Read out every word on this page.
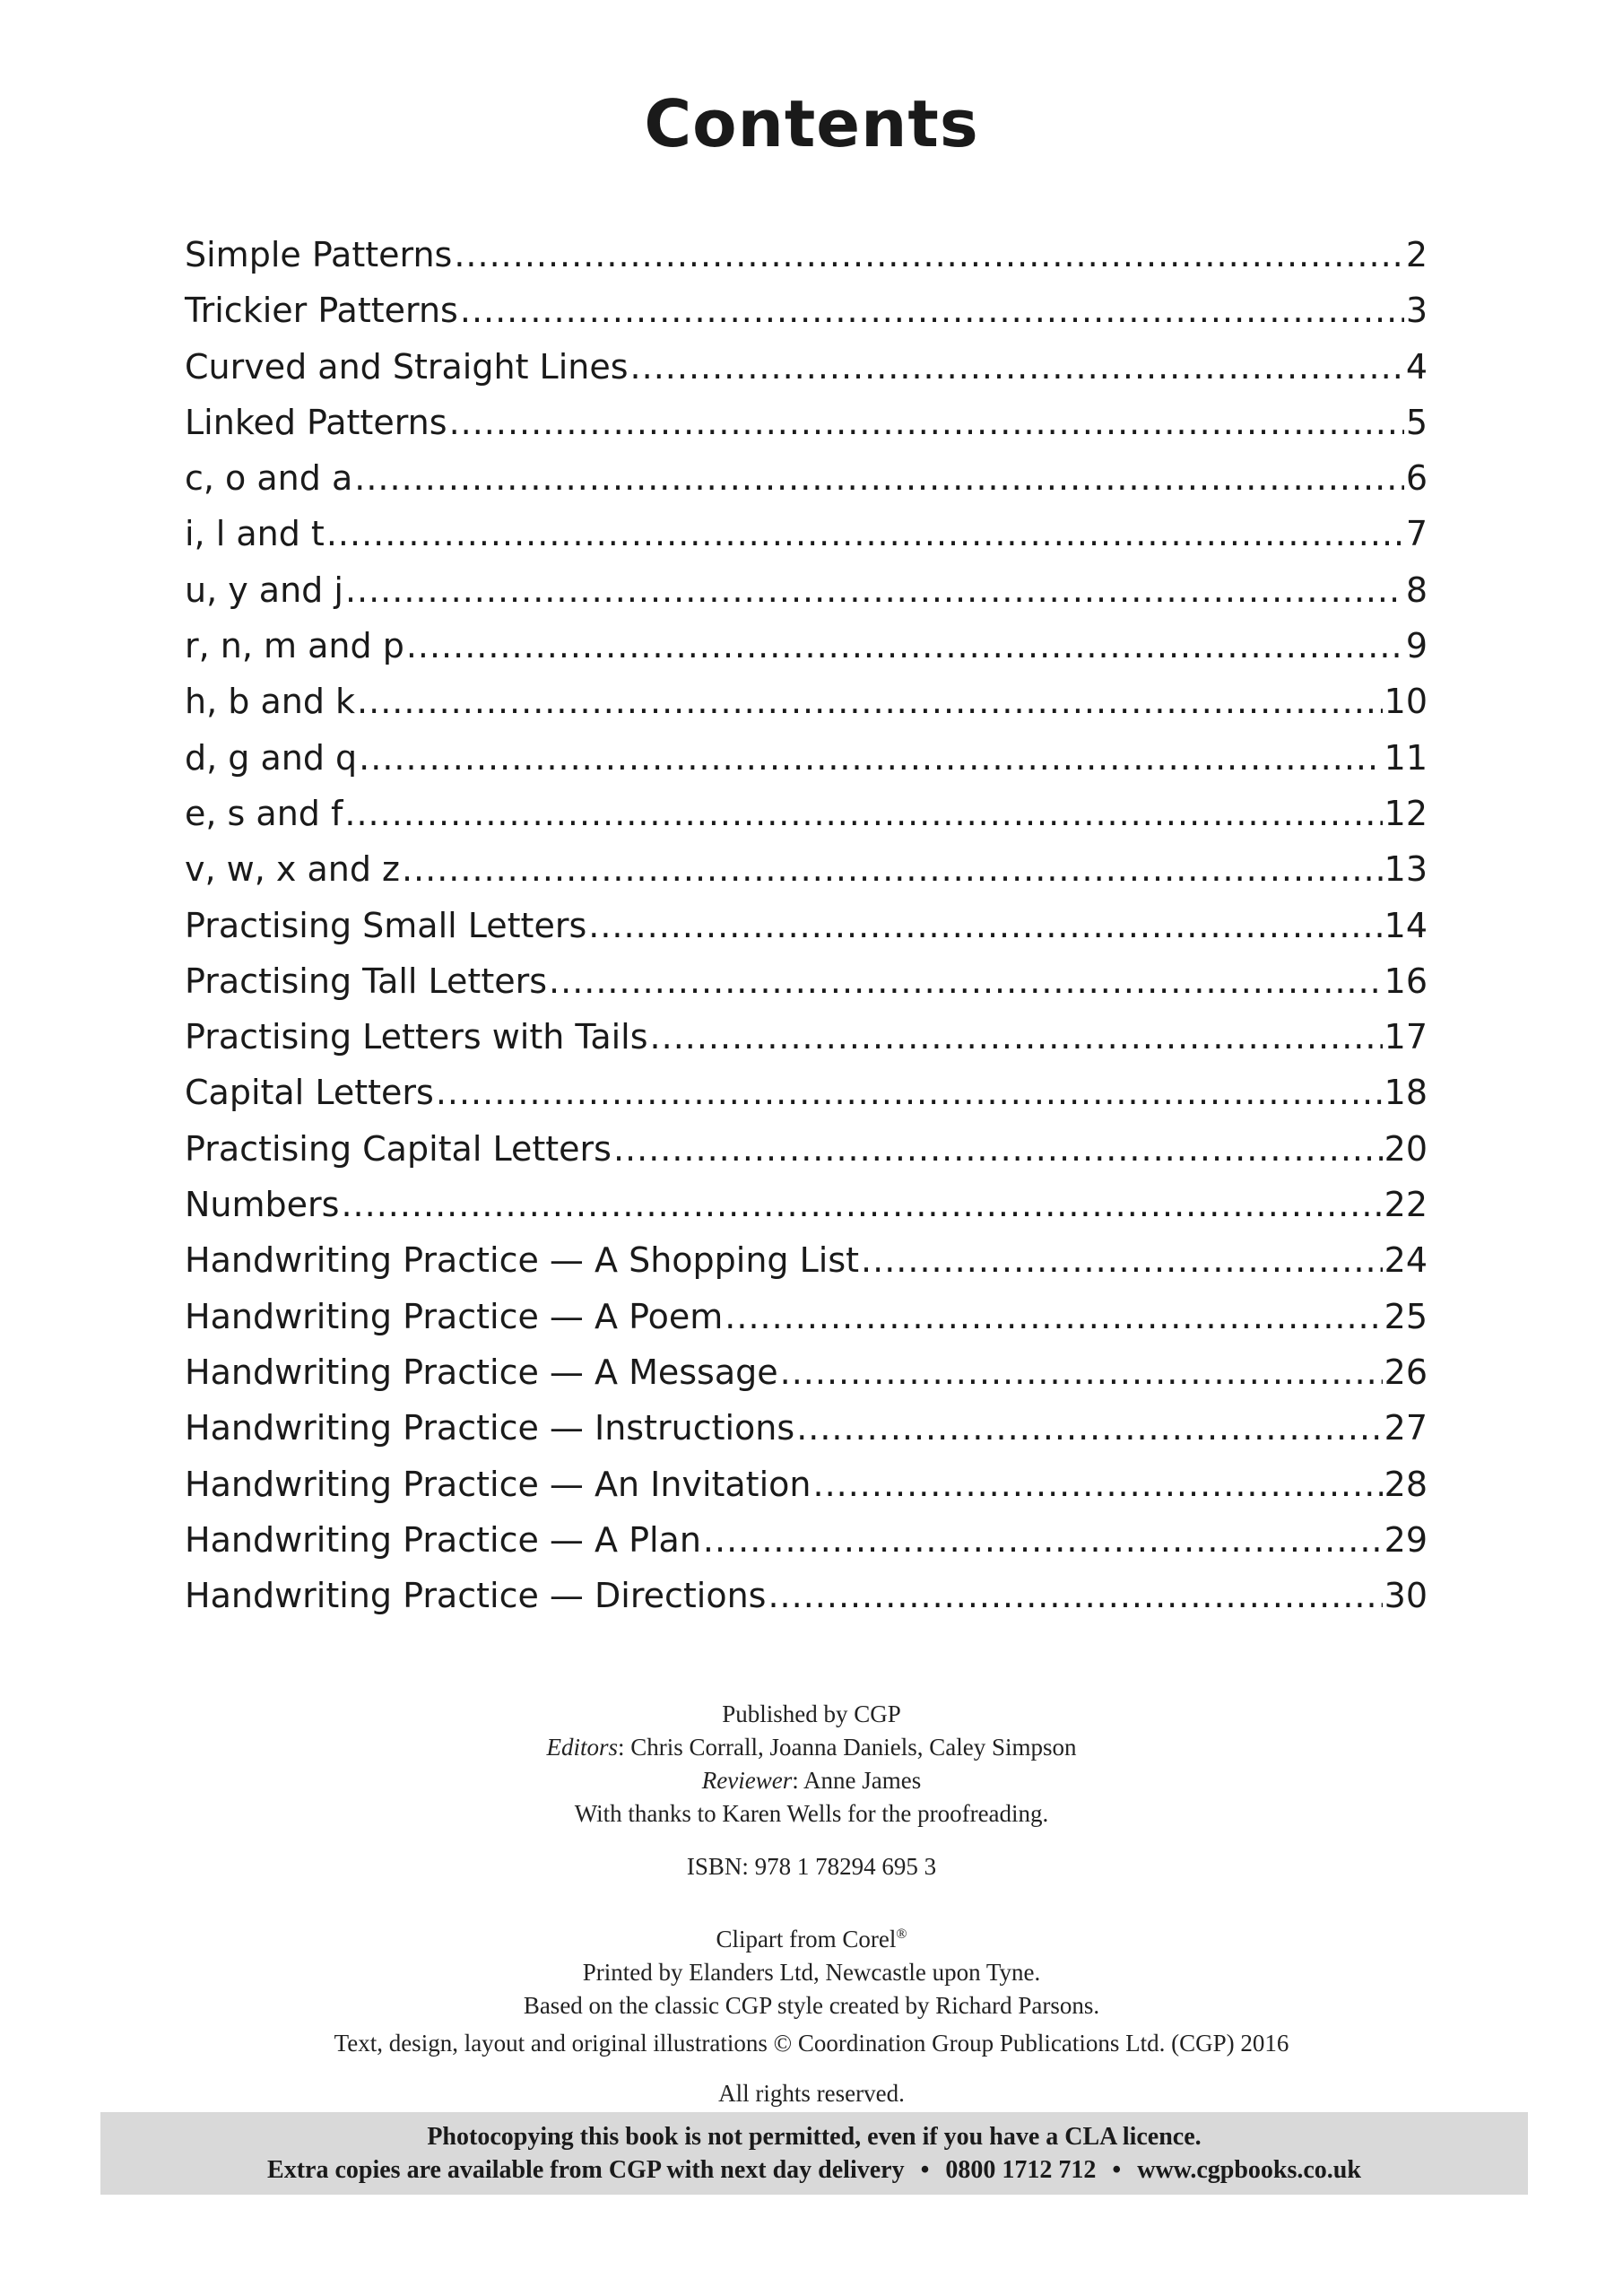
Contents
Simple Patterns .....	2
Trickier Patterns .....	3
Curved and Straight Lines .....	4
Linked Patterns .....	5
c, o and a .....	6
i, l and t .....	7
u, y and j .....	8
r, n, m and p .....	9
h, b and k .....	10
d, g and q .....	11
e, s and f .....	12
v, w, x and z .....	13
Practising Small Letters .....	14
Practising Tall Letters .....	16
Practising Letters with Tails .....	17
Capital Letters .....	18
Practising Capital Letters .....	20
Numbers .....	22
Handwriting Practice — A Shopping List .....	24
Handwriting Practice — A Poem .....	25
Handwriting Practice — A Message .....	26
Handwriting Practice — Instructions .....	27
Handwriting Practice — An Invitation .....	28
Handwriting Practice — A Plan .....	29
Handwriting Practice — Directions .....	30

Published by CGP

Editors: Chris Corrall, Joanna Daniels, Caley Simpson

Reviewer: Anne James

With thanks to Karen Wells for the proofreading.

ISBN: 978 1 78294 695 3

Clipart from Corel®

Printed by Elanders Ltd, Newcastle upon Tyne.

Based on the classic CGP style created by Richard Parsons.

Text, design, layout and original illustrations © Coordination Group Publications Ltd. (CGP) 2016

All rights reserved.

Photocopying this book is not permitted, even if you have a CLA licence.

Extra copies are available from CGP with next day delivery • 0800 1712 712 • www.cgpbooks.co.uk
